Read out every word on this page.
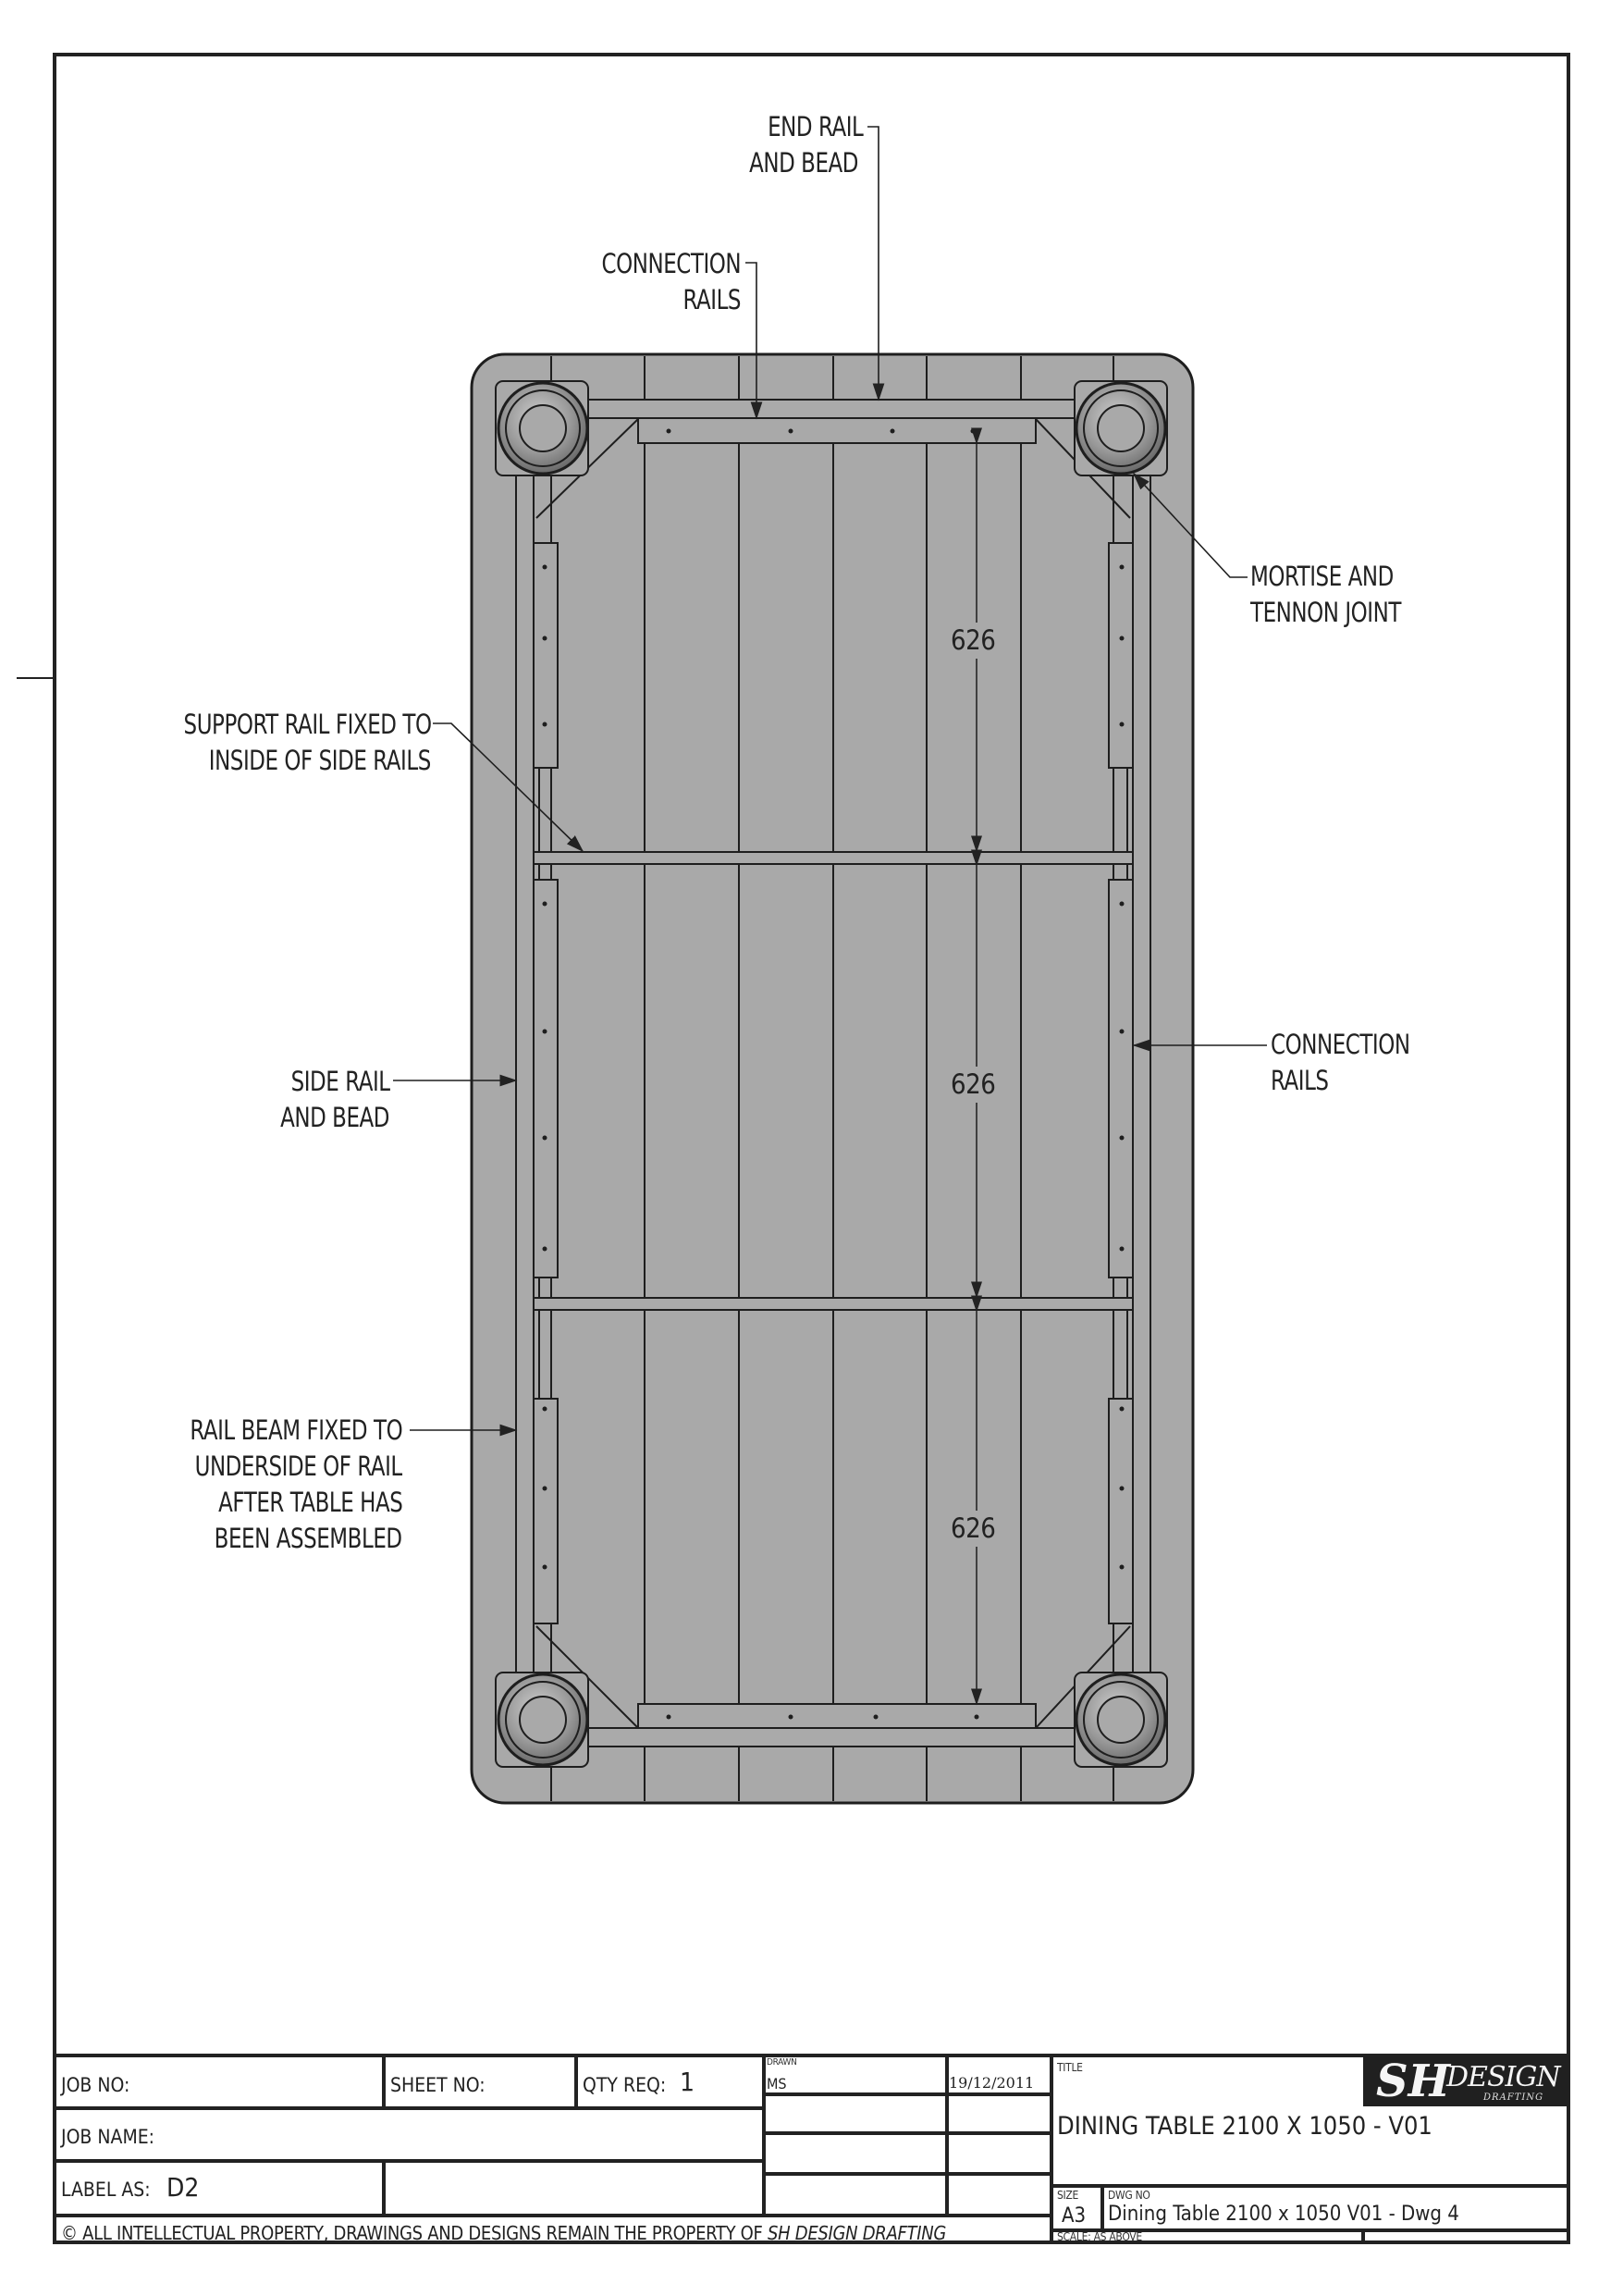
626
626
626
END RAIL
AND BEAD
CONNECTION
RAILS
MORTISE AND
TENNON JOINT
SUPPORT RAIL FIXED TO
INSIDE OF SIDE RAILS
SIDE RAIL
AND BEAD
CONNECTION
RAILS
RAIL BEAM FIXED TO
UNDERSIDE OF RAIL
AFTER TABLE HAS
BEEN ASSEMBLED
JOB NO:	SHEET NO:	QTY REQ: 1
DRAWN
MS	19/12/2011
JOB NAME:
LABEL AS: D2
© ALL INTELLECTUAL PROPERTY, DRAWINGS AND DESIGNS REMAIN THE PROPERTY OF SH DESIGN DRAFTING
TITLE
DINING TABLE 2100 X 1050 - V01
SIZE
A3
DWG NO
Dining Table 2100 x 1050 V01 - Dwg 4
SCALE: AS ABOVE
SH
DESIGN
DRAFTING
